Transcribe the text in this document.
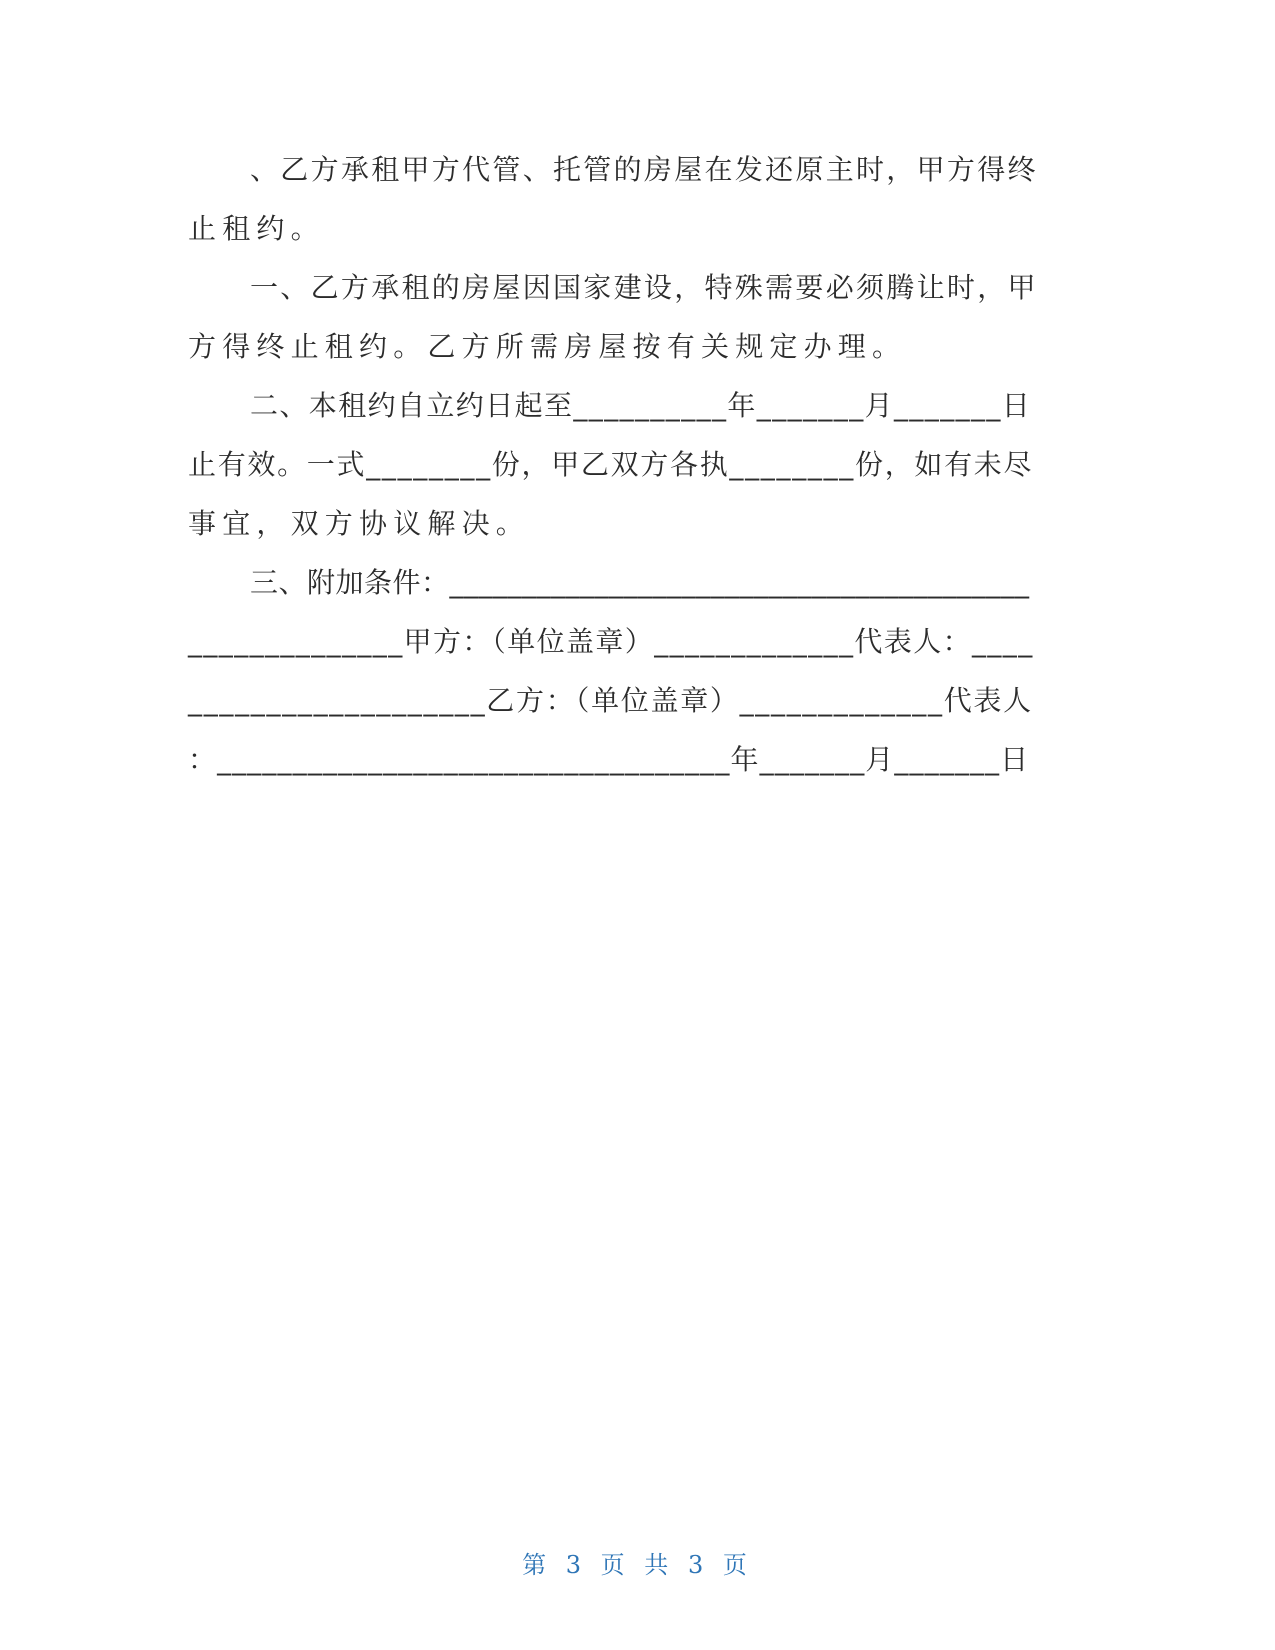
、乙方承租甲方代管、托管的房屋在发还原主时，甲方得终
止租约。
一、乙方承租的房屋因国家建设，特殊需要必须腾让时，甲
方得终止租约。乙方所需房屋按有关规定办理。
二、本租约自立约日起至__________年_______月_______日
止有效。一式________份，甲乙双方各执________份，如有未尽
事宜，双方协议解决。
三、附加条件：________________________________________
______________甲方：（单位盖章）_____________代表人：____
___________________乙方：（单位盖章）_____________代表人
：__________________________________年_______月_______日
第 3 页 共 3 页
